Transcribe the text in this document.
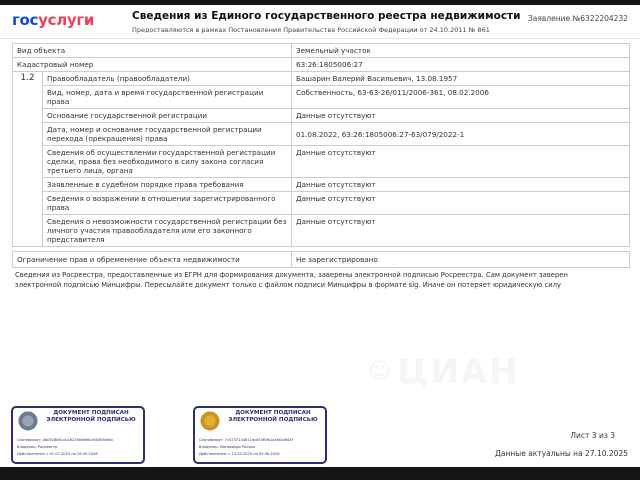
госуслуги	Сведения из Единого государственного реестра недвижимости
Предоставляются в рамках Постановления Правительства Российской Федерации от 24.10.2011 № 861
Заявление №6322204232
Вид объекта		Земельный участок
Кадастровый номер		63:26:1805006:27
1.2	Правообладатель (правообладатели)	Башарин Валерий Васильевич, 13.08.1957
	Вид, номер, дата и время государственной регистрации права	Собственность, 63-63-26/011/2006-361, 08.02.2006
	Основание государственной регистрации	Данные отсутствуют
	Дата, номер и основание государственной регистрации перехода (прекращения) права	01.08.2022, 63:26:1805006:27-63/079/2022-1
	Сведения об осуществлении государственной регистрации сделки, права без необходимого в силу закона согласия третьего лица, органа	Данные отсутствуют
	Заявленные в судебном порядке права требования	Данные отсутствуют
	Сведения о возражении в отношении зарегистрированного права	Данные отсутствуют
	Сведения о невозможности государственной регистрации без личного участия правообладателя или его законного представителя	Данные отсутствуют
Ограничение прав и обременение объекта недвижимости	Не зарегистрировано
Сведения из Росреестра, предоставленные из ЕГРН для формирования документа, заверены электронной подписью Росреестра. Сам документ заверен электронной подписью Минцифры. Пересылайте документ только с файлом подписи Минцифры в формате sig. Иначе он потеряет юридическую силу
☺ ЦИАН
ДОКУМЕНТ ПОДПИСАН ЭЛЕКТРОННОЙ ПОДПИСЬЮ
Сертификат: 4b0528b61cb1622f0d6e6cc63d55ed0c
Владелец: Росреестр
Действителен: с 01.07.2025 по 25.09.2026
ДОКУМЕНТ ПОДПИСАН ЭЛЕКТРОННОЙ ПОДПИСЬЮ
Сертификат: 7c4737134811dcd53f0fb1aaf40a643f
Владелец: Минцифры России
Действителен: с 13.03.2025 по 05.06.2026
Лист 3 из 3
Данные актуальны на 27.10.2025
